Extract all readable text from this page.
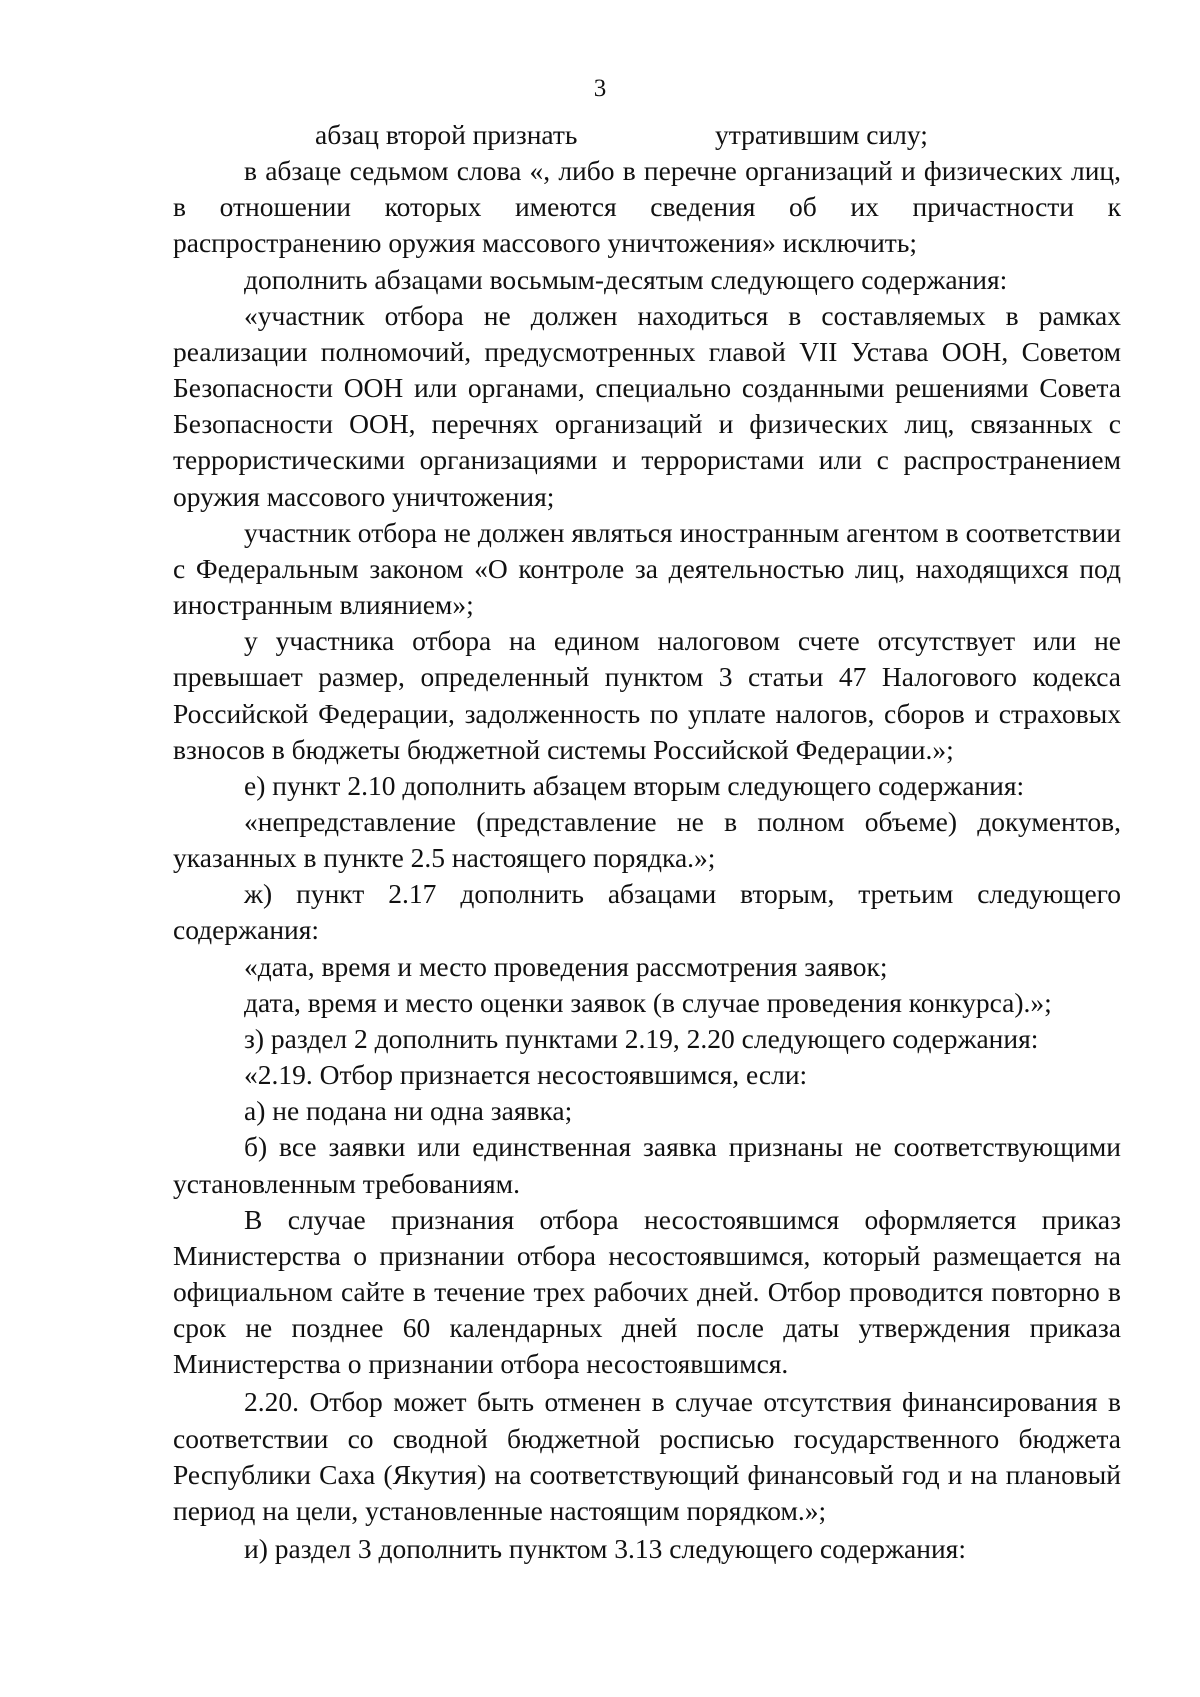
3

абзац второй признать	утратившим силу;

в абзаце седьмом слова «, либо в перечне организаций и физических лиц, в отношении которых имеются сведения об их причастности к распространению оружия массового уничтожения» исключить;

дополнить абзацами восьмым-десятым следующего содержания:

«участник отбора не должен находиться в составляемых в рамках реализации полномочий, предусмотренных главой VII Устава ООН, Советом Безопасности ООН или органами, специально созданными решениями Совета Безопасности ООН, перечнях организаций и физических лиц, связанных с террористическими организациями и террористами или с распространением оружия массового уничтожения;

участник отбора не должен являться иностранным агентом в соответствии с Федеральным законом «О контроле за деятельностью лиц, находящихся под иностранным влиянием»;

у участника отбора на едином налоговом счете отсутствует или не превышает размер, определенный пунктом 3 статьи 47 Налогового кодекса Российской Федерации, задолженность по уплате налогов, сборов и страховых взносов в бюджеты бюджетной системы Российской Федерации.»;

е) пункт 2.10 дополнить абзацем вторым следующего содержания:

«непредставление (представление не в полном объеме) документов, указанных в пункте 2.5 настоящего порядка.»;

ж) пункт 2.17 дополнить абзацами вторым, третьим следующего содержания:

«дата, время и место проведения рассмотрения заявок;

дата, время и место оценки заявок (в случае проведения конкурса).»;

з) раздел 2 дополнить пунктами 2.19, 2.20 следующего содержания:

«2.19. Отбор признается несостоявшимся, если:

а) не подана ни одна заявка;

б) все заявки или единственная заявка признаны не соответствующими установленным требованиям.

В случае признания отбора несостоявшимся оформляется приказ Министерства о признании отбора несостоявшимся, который размещается на официальном сайте в течение трех рабочих дней. Отбор проводится повторно в срок не позднее 60 календарных дней после даты утверждения приказа Министерства о признании отбора несостоявшимся.

2.20. Отбор может быть отменен в случае отсутствия финансирования в соответствии со сводной бюджетной росписью государственного бюджета Республики Саха (Якутия) на соответствующий финансовый год и на плановый период на цели, установленные настоящим порядком.»;

и) раздел 3 дополнить пунктом 3.13 следующего содержания:
